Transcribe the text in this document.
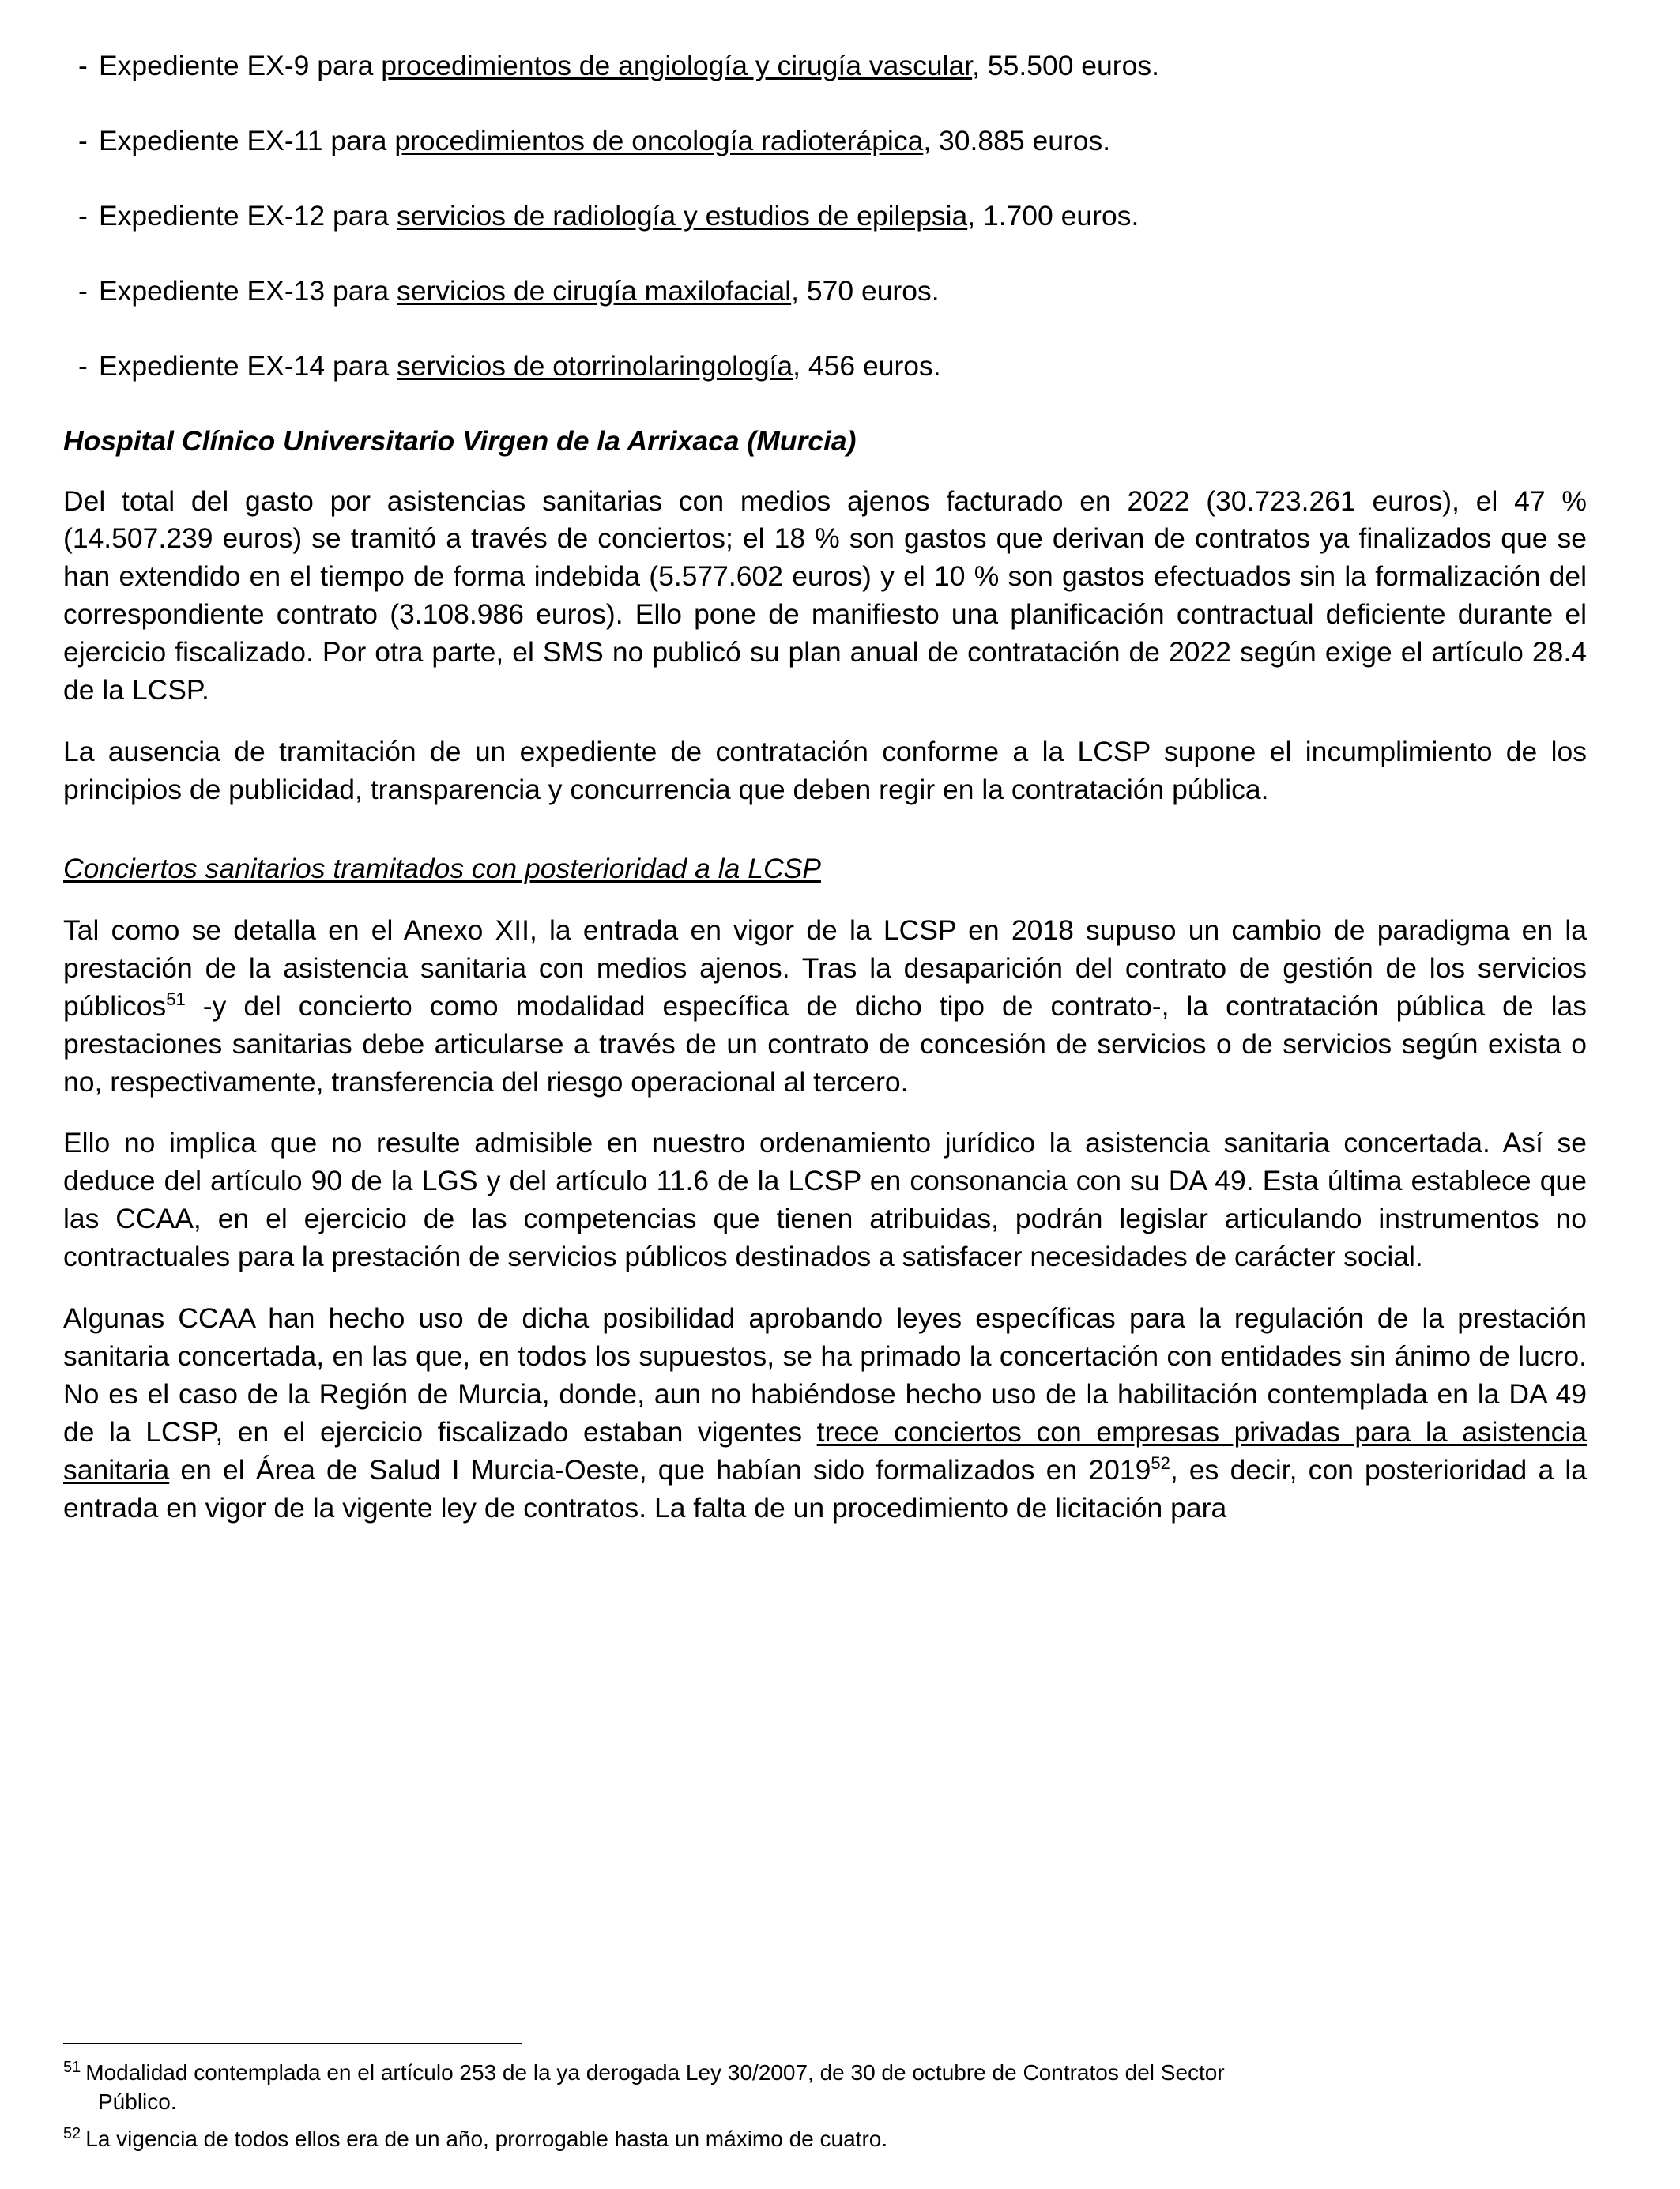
- Expediente EX-9 para procedimientos de angiología y cirugía vascular, 55.500 euros.
- Expediente EX-11 para procedimientos de oncología radioterápica, 30.885 euros.
- Expediente EX-12 para servicios de radiología y estudios de epilepsia, 1.700 euros.
- Expediente EX-13 para servicios de cirugía maxilofacial, 570 euros.
- Expediente EX-14 para servicios de otorrinolaringología, 456 euros.
Hospital Clínico Universitario Virgen de la Arrixaca (Murcia)

Del total del gasto por asistencias sanitarias con medios ajenos facturado en 2022 (30.723.261 euros), el 47 % (14.507.239 euros) se tramitó a través de conciertos; el 18 % son gastos que derivan de contratos ya finalizados que se han extendido en el tiempo de forma indebida (5.577.602 euros) y el 10 % son gastos efectuados sin la formalización del correspondiente contrato (3.108.986 euros). Ello pone de manifiesto una planificación contractual deficiente durante el ejercicio fiscalizado. Por otra parte, el SMS no publicó su plan anual de contratación de 2022 según exige el artículo 28.4 de la LCSP.

La ausencia de tramitación de un expediente de contratación conforme a la LCSP supone el incumplimiento de los principios de publicidad, transparencia y concurrencia que deben regir en la contratación pública.

Conciertos sanitarios tramitados con posterioridad a la LCSP

Tal como se detalla en el Anexo XII, la entrada en vigor de la LCSP en 2018 supuso un cambio de paradigma en la prestación de la asistencia sanitaria con medios ajenos. Tras la desaparición del contrato de gestión de los servicios públicos$^{51}$ -y del concierto como modalidad específica de dicho tipo de contrato-, la contratación pública de las prestaciones sanitarias debe articularse a través de un contrato de concesión de servicios o de servicios según exista o no, respectivamente, transferencia del riesgo operacional al tercero.

Ello no implica que no resulte admisible en nuestro ordenamiento jurídico la asistencia sanitaria concertada. Así se deduce del artículo 90 de la LGS y del artículo 11.6 de la LCSP en consonancia con su DA 49. Esta última establece que las CCAA, en el ejercicio de las competencias que tienen atribuidas, podrán legislar articulando instrumentos no contractuales para la prestación de servicios públicos destinados a satisfacer necesidades de carácter social.

Algunas CCAA han hecho uso de dicha posibilidad aprobando leyes específicas para la regulación de la prestación sanitaria concertada, en las que, en todos los supuestos, se ha primado la concertación con entidades sin ánimo de lucro. No es el caso de la Región de Murcia, donde, aun no habiéndose hecho uso de la habilitación contemplada en la DA 49 de la LCSP, en el ejercicio fiscalizado estaban vigentes trece conciertos con empresas privadas para la asistencia sanitaria en el Área de Salud I Murcia-Oeste, que habían sido formalizados en 2019$^{52}$, es decir, con posterioridad a la entrada en vigor de la vigente ley de contratos. La falta de un procedimiento de licitación para

$^{51}$ Modalidad contemplada en el artículo 253 de la ya derogada Ley 30/2007, de 30 de octubre de Contratos del Sector
Público.
$^{52}$ La vigencia de todos ellos era de un año, prorrogable hasta un máximo de cuatro.
